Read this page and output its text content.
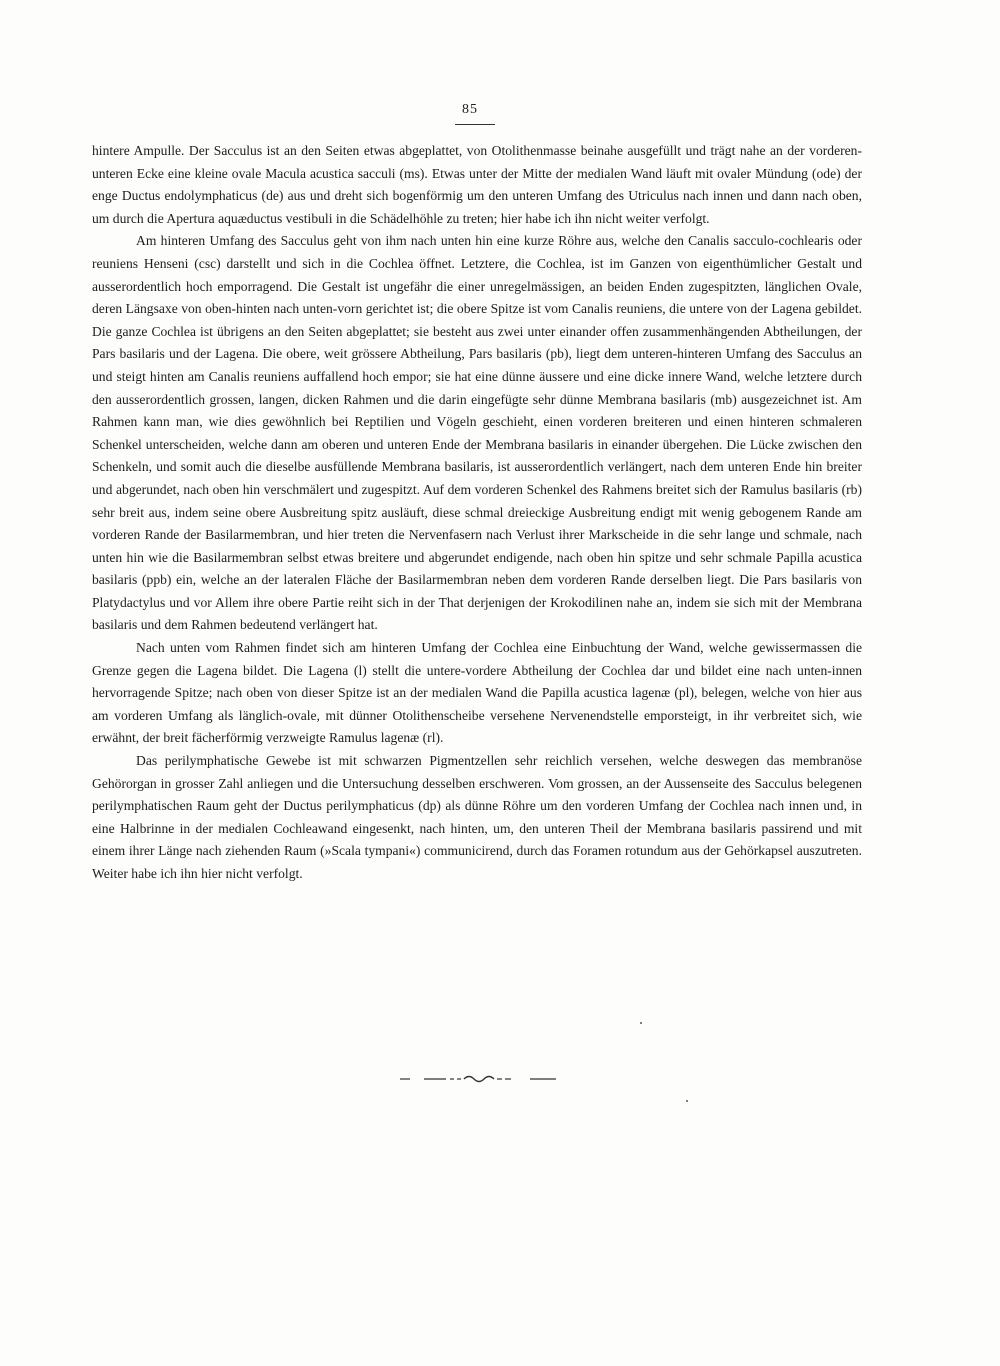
85

hintere Ampulle. Der Sacculus ist an den Seiten etwas abgeplattet, von Otolithenmasse beinahe ausgefüllt und trägt nahe an der vorderen-unteren Ecke eine kleine ovale Macula acustica sacculi (ms). Etwas unter der Mitte der medialen Wand läuft mit ovaler Mündung (ode) der enge Ductus endolymphaticus (de) aus und dreht sich bogenförmig um den unteren Umfang des Utriculus nach innen und dann nach oben, um durch die Apertura aquæductus vestibuli in die Schädelhöhle zu treten; hier habe ich ihn nicht weiter verfolgt.

Am hinteren Umfang des Sacculus geht von ihm nach unten hin eine kurze Röhre aus, welche den Canalis sacculo-cochlearis oder reuniens Henseni (csc) darstellt und sich in die Cochlea öffnet. Letztere, die Cochlea, ist im Ganzen von eigenthümlicher Gestalt und ausserordentlich hoch emporragend. Die Gestalt ist ungefähr die einer unregelmässigen, an beiden Enden zugespitzten, länglichen Ovale, deren Längsaxe von oben-hinten nach unten-vorn gerichtet ist; die obere Spitze ist vom Canalis reuniens, die untere von der Lagena gebildet. Die ganze Cochlea ist übrigens an den Seiten abgeplattet; sie besteht aus zwei unter einander offen zusammenhängenden Abtheilungen, der Pars basilaris und der Lagena. Die obere, weit grössere Abtheilung, Pars basilaris (pb), liegt dem unteren-hinteren Umfang des Sacculus an und steigt hinten am Canalis reuniens auffallend hoch empor; sie hat eine dünne äussere und eine dicke innere Wand, welche letztere durch den ausserordentlich grossen, langen, dicken Rahmen und die darin eingefügte sehr dünne Membrana basilaris (mb) ausgezeichnet ist. Am Rahmen kann man, wie dies gewöhnlich bei Reptilien und Vögeln geschieht, einen vorderen breiteren und einen hinteren schmaleren Schenkel unterscheiden, welche dann am oberen und unteren Ende der Membrana basilaris in einander übergehen. Die Lücke zwischen den Schenkeln, und somit auch die dieselbe ausfüllende Membrana basilaris, ist ausserordentlich verlängert, nach dem unteren Ende hin breiter und abgerundet, nach oben hin verschmälert und zugespitzt. Auf dem vorderen Schenkel des Rahmens breitet sich der Ramulus basilaris (rb) sehr breit aus, indem seine obere Ausbreitung spitz ausläuft, diese schmal dreieckige Ausbreitung endigt mit wenig gebogenem Rande am vorderen Rande der Basilarmembran, und hier treten die Nervenfasern nach Verlust ihrer Markscheide in die sehr lange und schmale, nach unten hin wie die Basilarmembran selbst etwas breitere und abgerundet endigende, nach oben hin spitze und sehr schmale Papilla acustica basilaris (ppb) ein, welche an der lateralen Fläche der Basilarmembran neben dem vorderen Rande derselben liegt. Die Pars basilaris von Platydactylus und vor Allem ihre obere Partie reiht sich in der That derjenigen der Krokodilinen nahe an, indem sie sich mit der Membrana basilaris und dem Rahmen bedeutend verlängert hat.

Nach unten vom Rahmen findet sich am hinteren Umfang der Cochlea eine Einbuchtung der Wand, welche gewissermassen die Grenze gegen die Lagena bildet. Die Lagena (l) stellt die untere-vordere Abtheilung der Cochlea dar und bildet eine nach unten-innen hervorragende Spitze; nach oben von dieser Spitze ist an der medialen Wand die Papilla acustica lagenæ (pl), belegen, welche von hier aus am vorderen Umfang als länglich-ovale, mit dünner Otolithenscheibe versehene Nervenendstelle emporsteigt, in ihr verbreitet sich, wie erwähnt, der breit fächerförmig verzweigte Ramulus lagenæ (rl).

Das perilymphatische Gewebe ist mit schwarzen Pigmentzellen sehr reichlich versehen, welche deswegen das membranöse Gehörorgan in grosser Zahl anliegen und die Untersuchung desselben erschweren. Vom grossen, an der Aussenseite des Sacculus belegenen perilymphatischen Raum geht der Ductus perilymphaticus (dp) als dünne Röhre um den vorderen Umfang der Cochlea nach innen und, in eine Halbrinne in der medialen Cochleawand eingesenkt, nach hinten, um, den unteren Theil der Membrana basilaris passirend und mit einem ihrer Länge nach ziehenden Raum (»Scala tympani«) communicirend, durch das Foramen rotundum aus der Gehörkapsel auszutreten. Weiter habe ich ihn hier nicht verfolgt.
